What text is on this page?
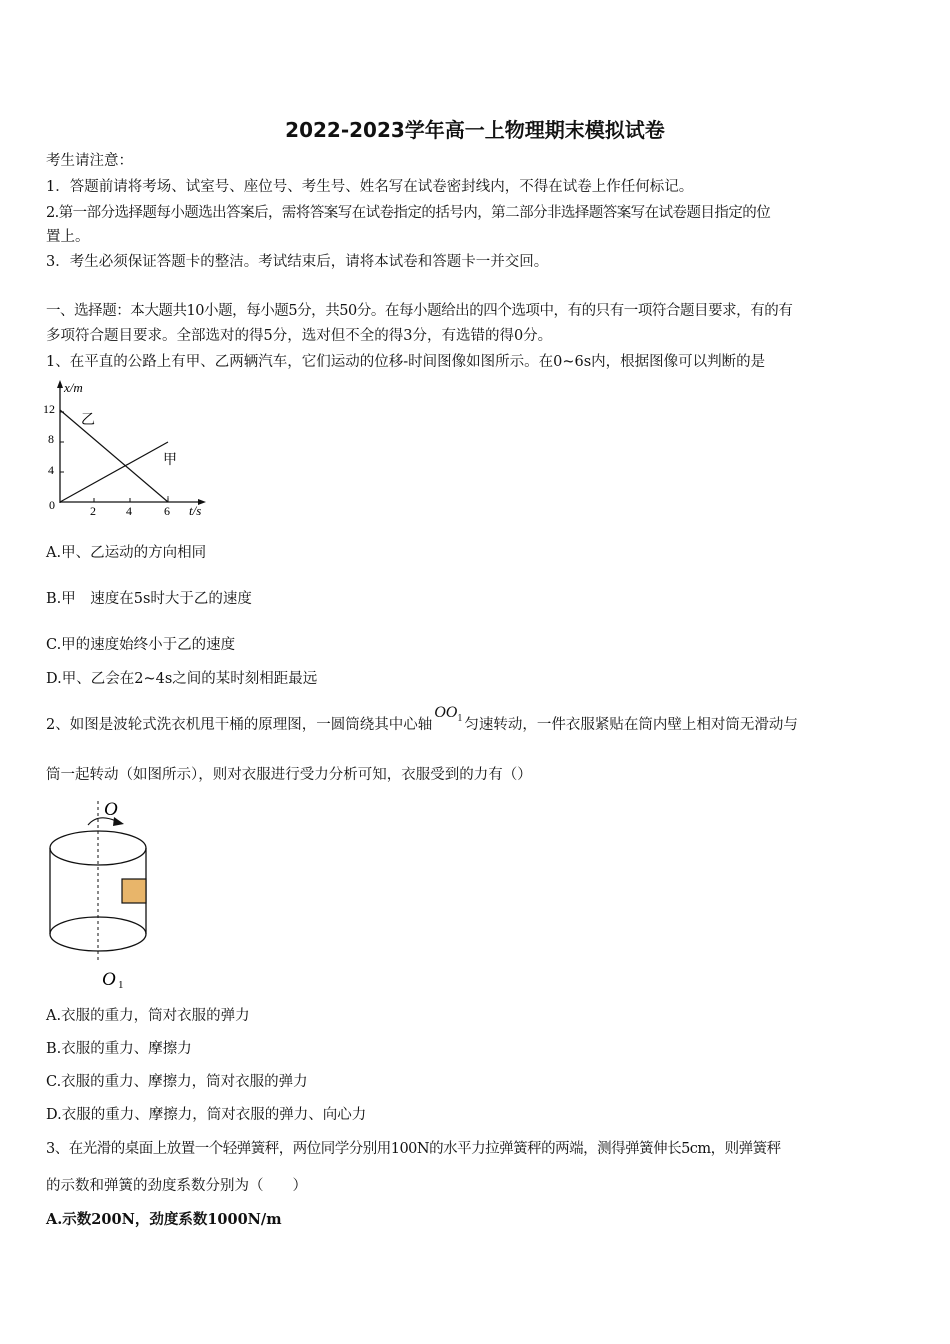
2022-2023学年高一上物理期末模拟试卷
考生请注意：
1．答题前请将考场、试室号、座位号、考生号、姓名写在试卷密封线内，不得在试卷上作任何标记。
2.第一部分选择题每小题选出答案后，需将答案写在试卷指定的括号内，第二部分非选择题答案写在试卷题目指定的位
置上。
3．考生必须保证答题卡的整洁。考试结束后，请将本试卷和答题卡一并交回。
一、选择题：本大题共10小题，每小题5分，共50分。在每小题给出的四个选项中，有的只有一项符合题目要求，有的有
多项符合题目要求。全部选对的得5分，选对但不全的得3分，有选错的得0分。
1、在平直的公路上有甲、乙两辆汽车，它们运动的位移-时间图像如图所示。在0~6s内，根据图像可以判断的是
x/m
12
8
4
0	2	4	6 t/s
乙
甲
A.甲、乙运动的方向相同
B.甲　速度在5s时大于乙的速度
C.甲的速度始终小于乙的速度
D.甲、乙会在2~4s之间的某时刻相距最远
2、如图是波轮式洗衣机甩干桶的原理图，一圆筒绕其中心轴$OO_1$ 匀速转动，一件衣服紧贴在筒内壁上相对筒无滑动与
筒一起转动（如图所示），则对衣服进行受力分析可知，衣服受到的力有（）
O
O 1
A.衣服的重力，筒对衣服的弹力
B.衣服的重力、摩擦力
C.衣服的重力、摩擦力，筒对衣服的弹力
D.衣服的重力、摩擦力，筒对衣服的弹力、向心力
3、在光滑的桌面上放置一个轻弹簧秤，两位同学分别用100N的水平力拉弹簧秤的两端，测得弹簧伸长5cm，则弹簧秤
的示数和弹簧的劲度系数分别为（　　）
A.示数200N，劲度系数1000N/m
